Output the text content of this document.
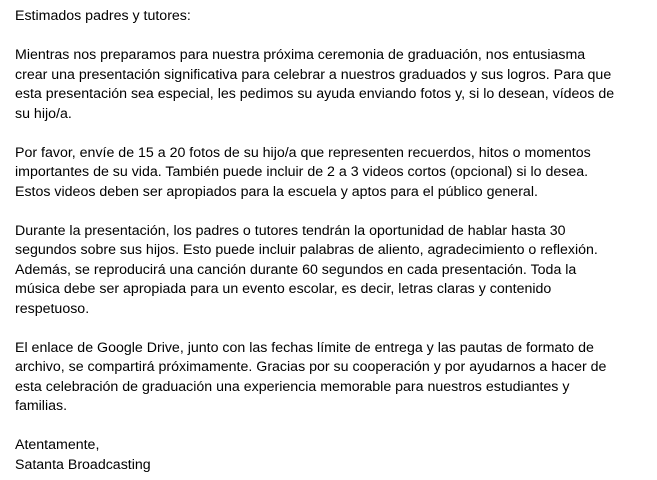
Estimados padres y tutores:

Mientras nos preparamos para nuestra próxima ceremonia de graduación, nos entusiasma
crear una presentación significativa para celebrar a nuestros graduados y sus logros. Para que
esta presentación sea especial, les pedimos su ayuda enviando fotos y, si lo desean, vídeos de
su hijo/a.

Por favor, envíe de 15 a 20 fotos de su hijo/a que representen recuerdos, hitos o momentos
importantes de su vida. También puede incluir de 2 a 3 videos cortos (opcional) si lo desea.
Estos videos deben ser apropiados para la escuela y aptos para el público general.

Durante la presentación, los padres o tutores tendrán la oportunidad de hablar hasta 30
segundos sobre sus hijos. Esto puede incluir palabras de aliento, agradecimiento o reflexión.
Además, se reproducirá una canción durante 60 segundos en cada presentación. Toda la
música debe ser apropiada para un evento escolar, es decir, letras claras y contenido
respetuoso.

El enlace de Google Drive, junto con las fechas límite de entrega y las pautas de formato de
archivo, se compartirá próximamente. Gracias por su cooperación y por ayudarnos a hacer de
esta celebración de graduación una experiencia memorable para nuestros estudiantes y
familias.

Atentamente,
Satanta Broadcasting
